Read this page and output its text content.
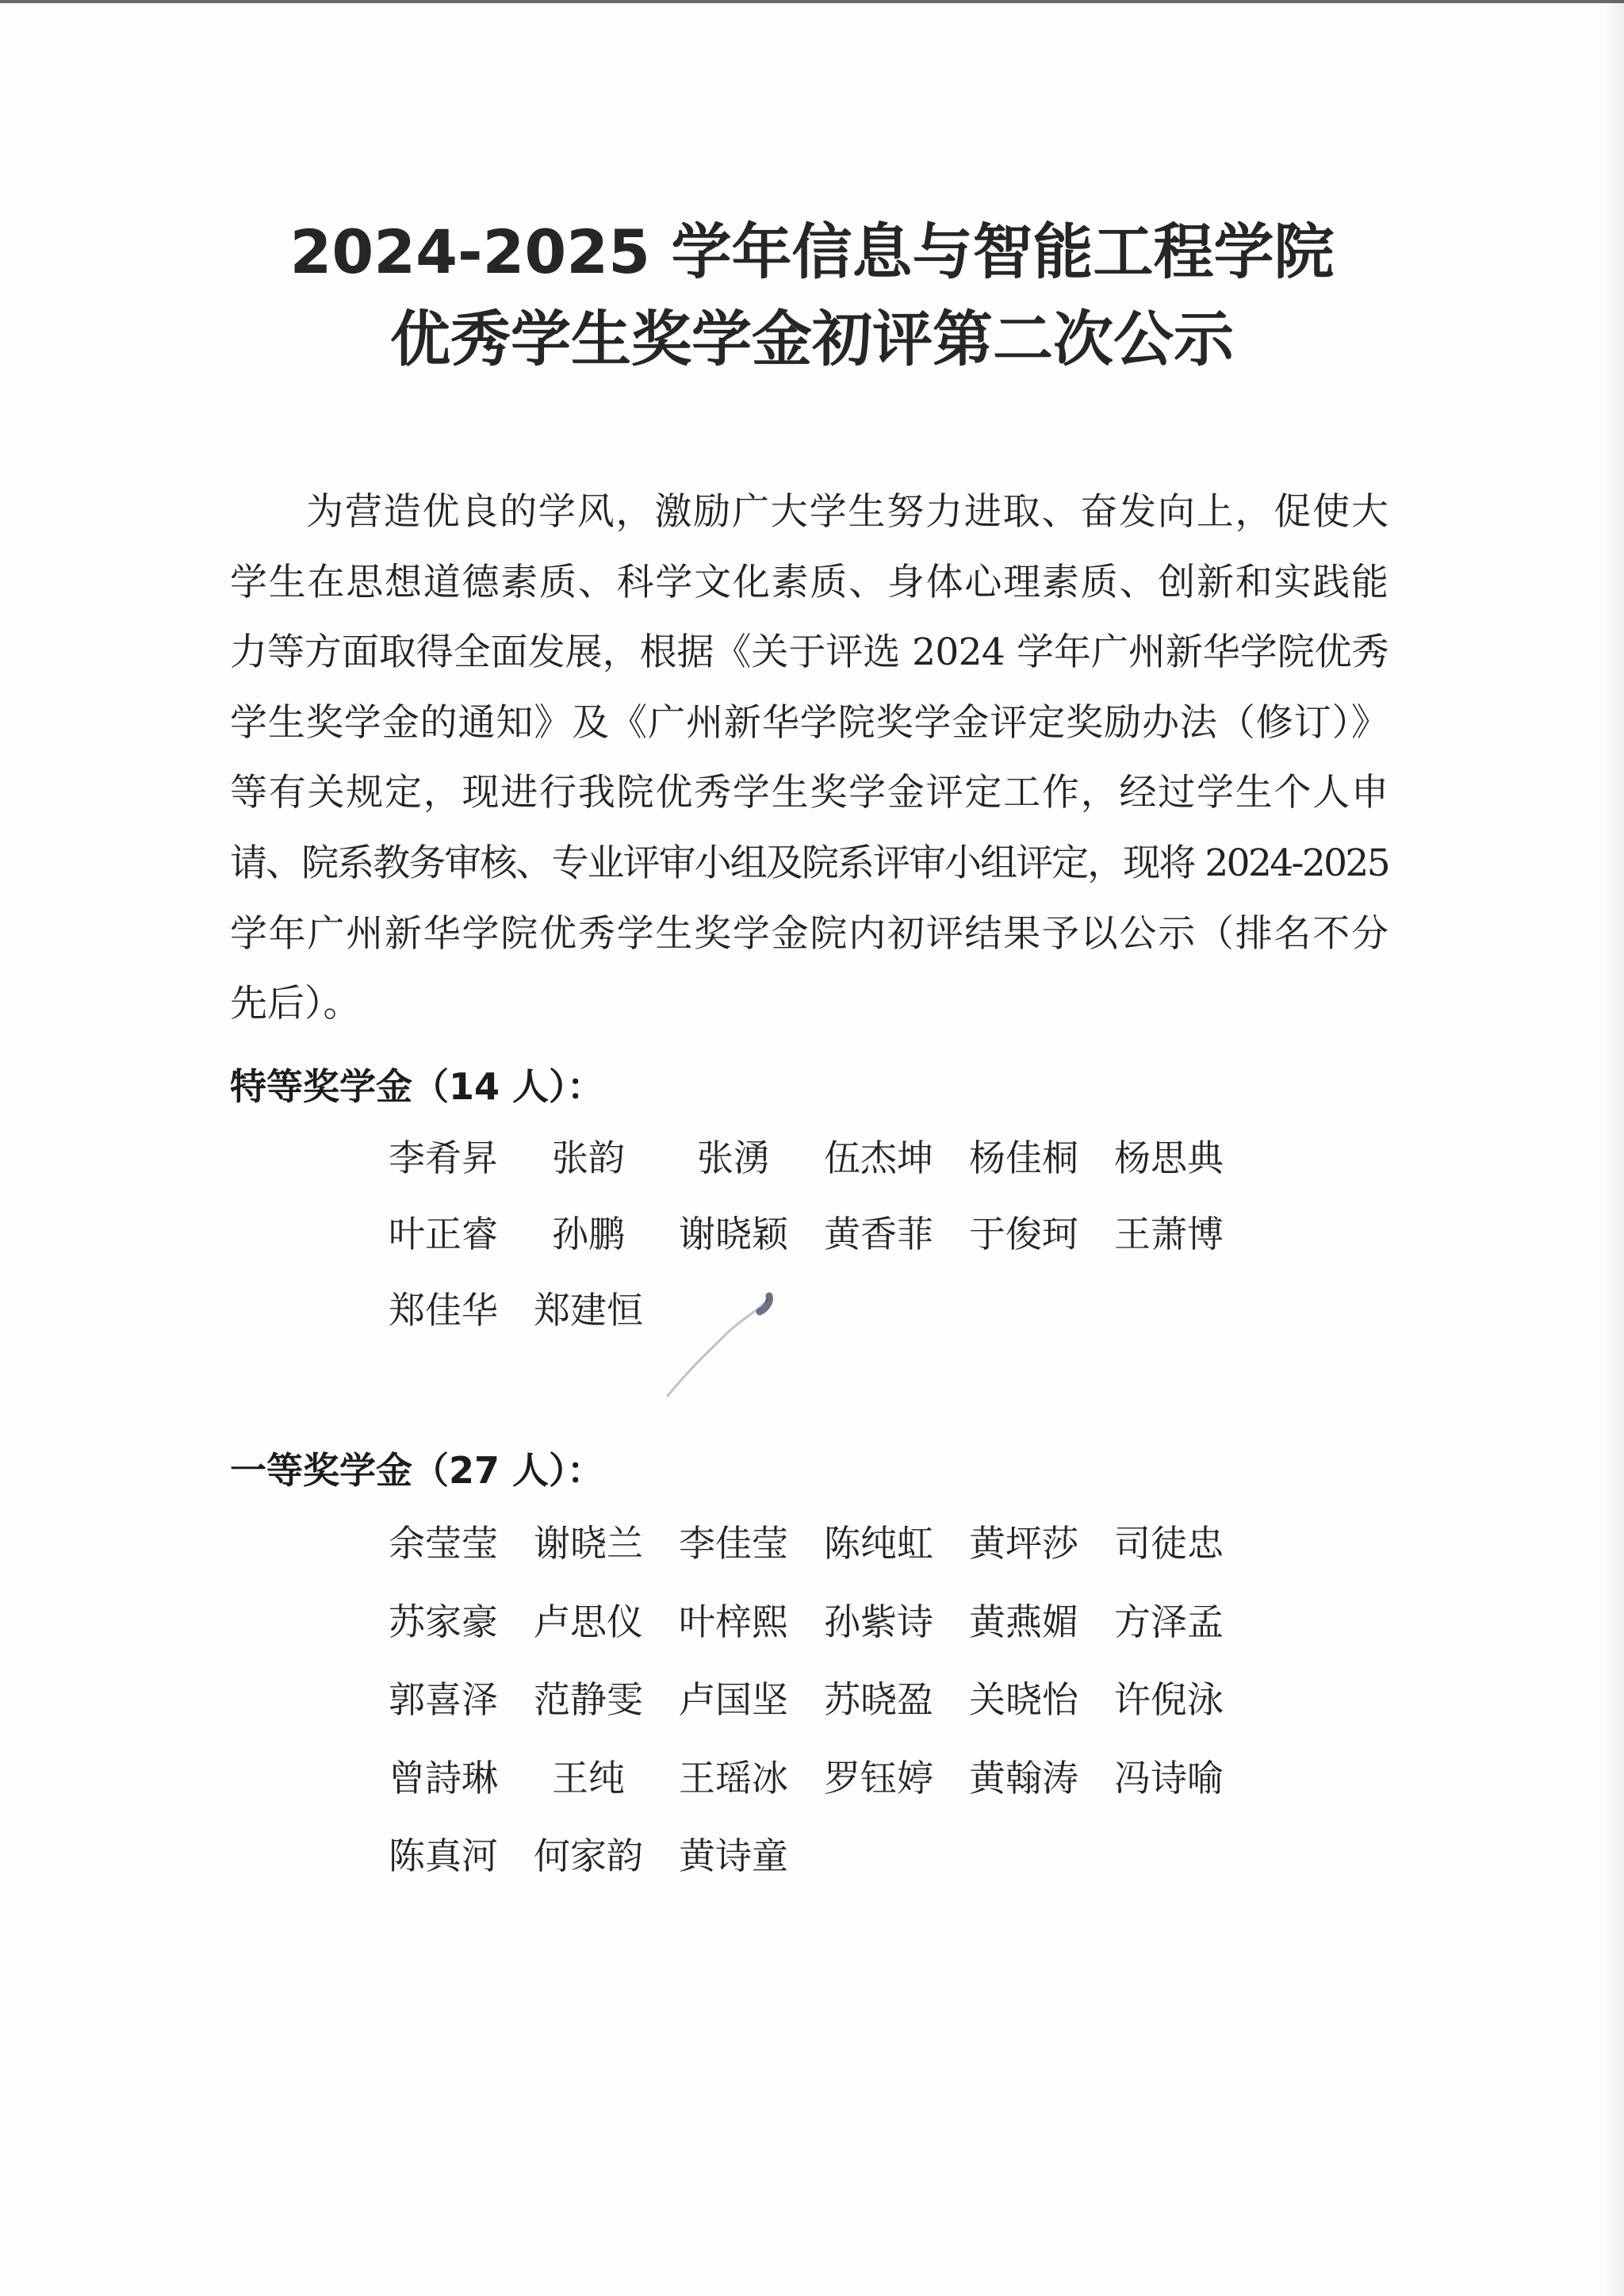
2024-2025 学年信息与智能工程学院
优秀学生奖学金初评第二次公示
为营造优良的学风，激励广大学生努力进取、奋发向上，促使大
学生在思想道德素质、科学文化素质、身体心理素质、创新和实践能
力等方面取得全面发展，根据《关于评选 2024 学年广州新华学院优秀
学生奖学金的通知》及《广州新华学院奖学金评定奖励办法（修订）》
等有关规定，现进行我院优秀学生奖学金评定工作，经过学生个人申
请、院系教务审核、专业评审小组及院系评审小组评定，现将 2024-2025
学年广州新华学院优秀学生奖学金院内初评结果予以公示（排名不分
先后）。
特等奖学金（14 人）：
李肴昇	张韵	张湧	伍杰坤 杨佳桐 杨思典
叶正睿	孙鹏	谢晓颖 黄香菲 于俊珂 王萧博
郑佳华 郑建恒
一等奖学金（27 人）：
余莹莹 谢晓兰 李佳莹 陈纯虹 黄坪莎 司徒忠
苏家豪 卢思仪 叶梓熙 孙紫诗 黄燕媚 方泽孟
郭喜泽 范静雯 卢国坚 苏晓盈 关晓怡 许倪泳
曾詩琳	王纯	王瑶冰 罗钰婷 黄翰涛 冯诗喻
陈真河 何家韵 黄诗童
